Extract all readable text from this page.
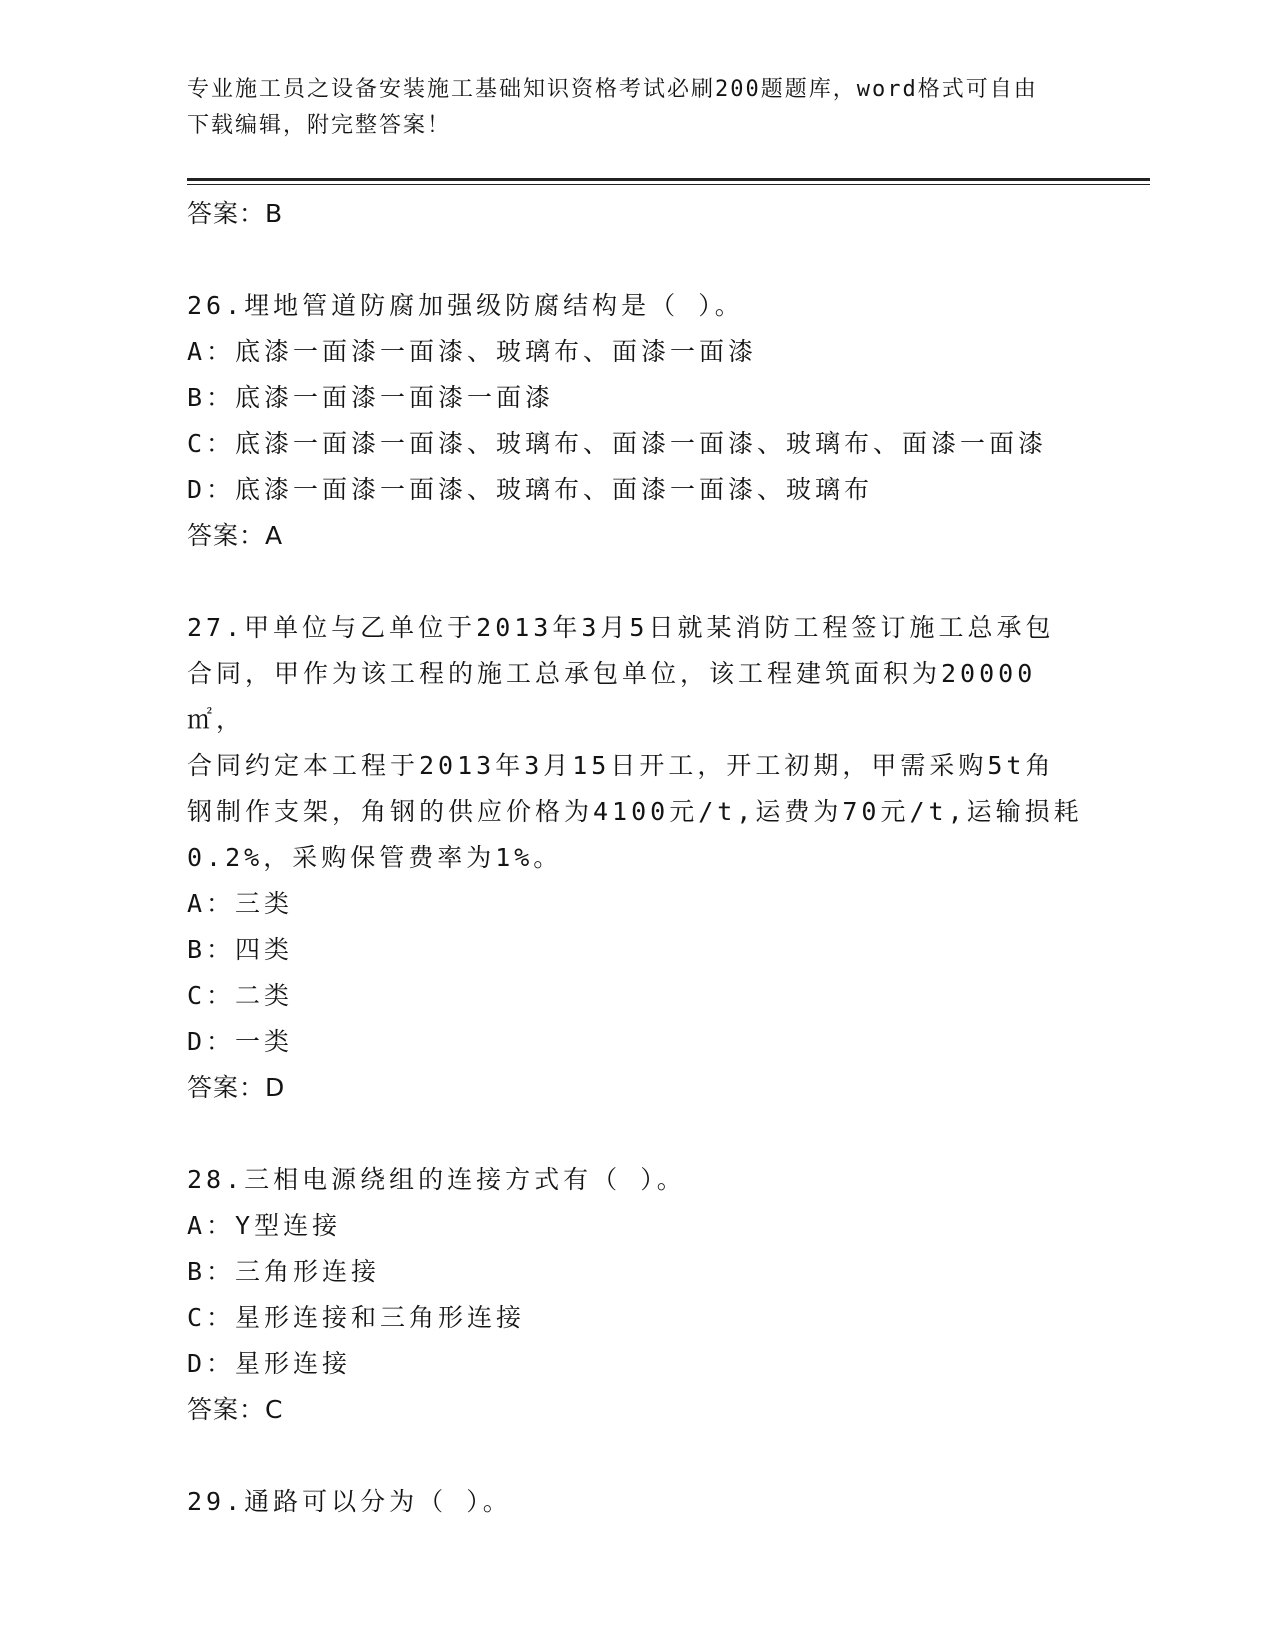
专业施工员之设备安装施工基础知识资格考试必刷200题题库，word格式可自由
下载编辑，附完整答案！
答案：B
26.埋地管道防腐加强级防腐结构是（ ）。
A：底漆一面漆一面漆、玻璃布、面漆一面漆
B：底漆一面漆一面漆一面漆
C：底漆一面漆一面漆、玻璃布、面漆一面漆、玻璃布、面漆一面漆
D：底漆一面漆一面漆、玻璃布、面漆一面漆、玻璃布
答案：A
27.甲单位与乙单位于2013年3月5日就某消防工程签订施工总承包
合同，甲作为该工程的施工总承包单位，该工程建筑面积为20000㎡，
合同约定本工程于2013年3月15日开工，开工初期，甲需采购5t角
钢制作支架，角钢的供应价格为4100元/t,运费为70元/t,运输损耗
0.2%，采购保管费率为1%。
A：三类
B：四类
C：二类
D：一类
答案：D
28.三相电源绕组的连接方式有（ ）。
A：Y型连接
B：三角形连接
C：星形连接和三角形连接
D：星形连接
答案：C
29.通路可以分为（ ）。
